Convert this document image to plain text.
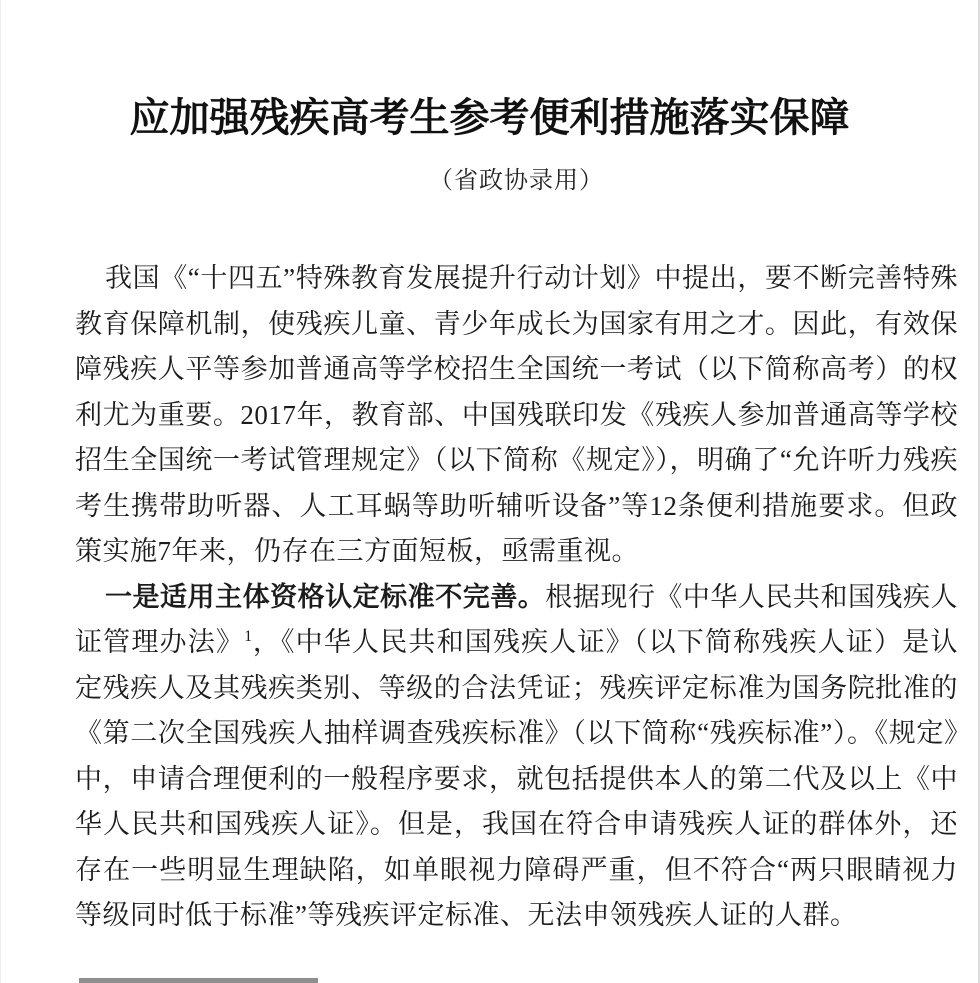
应加强残疾高考生参考便利措施落实保障
（省政协录用）

我国《“十四五”特殊教育发展提升行动计划》中提出，要不断完善特殊教育保障机制，使残疾儿童、青少年成长为国家有用之才。因此，有效保障残疾人平等参加普通高等学校招生全国统一考试（以下简称高考）的权利尤为重要。2017年，教育部、中国残联印发《残疾人参加普通高等学校招生全国统一考试管理规定》（以下简称《规定》），明确了“允许听力残疾考生携带助听器、人工耳蜗等助听辅听设备”等12条便利措施要求。但政策实施7年来，仍存在三方面短板，亟需重视。

一是适用主体资格认定标准不完善。根据现行《中华人民共和国残疾人证管理办法》$^1$，《中华人民共和国残疾人证》（以下简称残疾人证）是认定残疾人及其残疾类别、等级的合法凭证；残疾评定标准为国务院批准的《第二次全国残疾人抽样调查残疾标准》（以下简称“残疾标准”）。《规定》中，申请合理便利的一般程序要求，就包括提供本人的第二代及以上《中华人民共和国残疾人证》。但是，我国在符合申请残疾人证的群体外，还存在一些明显生理缺陷，如单眼视力障碍严重，但不符合“两只眼睛视力等级同时低于标准”等残疾评定标准、无法申领残疾人证的人群。
